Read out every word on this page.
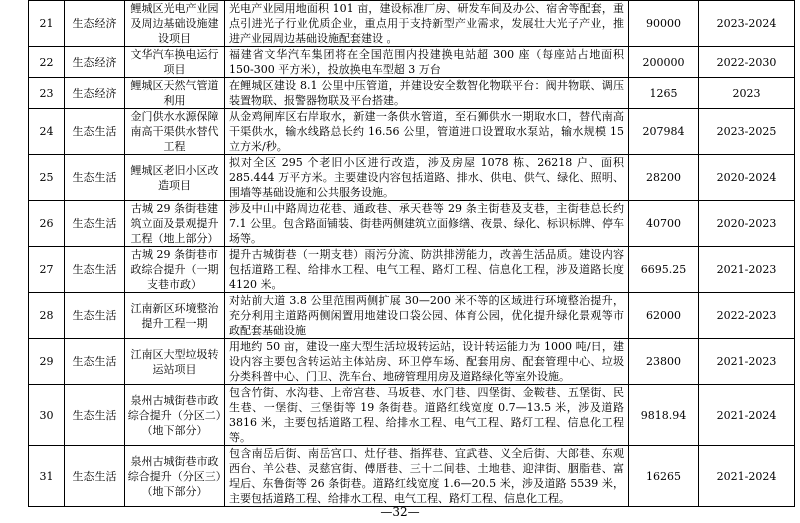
21	生态经济	鲤城区光电产业园及周边基础设施建设项目	光电产业园用地面积 101 亩，建设标准厂房、研发车间及办公、宿舍等配套，重点引进光子行业优质企业，重点用于支持新型产业需求，发展壮大光子产业，推进产业园周边基础设施配套建设 。	90000	2023-2024
22	生态经济	文华汽车换电运行项目	福建省文华汽车集团将在全国范围内投建换电站超 300 座（每座站占地面积 150-300 平方米），投放换电车型超 3 万台	200000	2022-2030
23	生态经济	鲤城区天然气管道利用	在鲤城区建设 8.1 公里中压管道，并建设安全数智化物联平台：阀井物联、调压装置物联、报警器物联及平台搭建。	1265	2023
24	生态生活	金门供水水源保障南高干渠供水替代工程	从金鸡闸库区右岸取水，新建一条供水管道，至石狮供水一期取水口，替代南高干渠供水，输水线路总长约 16.56 公里，管道进口设置取水泵站，输水规模 15 立方米/秒。	207984	2023-2025
25	生态生活	鲤城区老旧小区改造项目	拟对全区 295 个老旧小区进行改造，涉及房屋 1078 栋、26218 户、面积 285.444 万平方米。主要建设内容包括道路、排水、供电、供气、绿化、照明、围墙等基础设施和公共服务设施。	28200	2020-2024
26	生态生活	古城 29 条街巷建筑立面及景观提升工程（地上部分）	涉及中山中路周边花巷、通政巷、承天巷等 29 条主街巷及支巷，主街巷总长约 7.1 公里。包含路面铺装、街巷两侧建筑立面修缮、夜景、绿化、标识标牌、停车场等。	40700	2020-2023
27	生态生活	古城 29 条街巷市政综合提升（一期支巷市政）	提升古城街巷（一期支巷）雨污分流、防洪排涝能力，改善生活品质。建设内容包括道路工程、给排水工程、电气工程、路灯工程、信息化工程，涉及道路长度 4120 米。	6695.25	2021-2023
28	生态生活	江南新区环境整治提升工程一期	对站前大道 3.8 公里范围两侧扩展 30—200 米不等的区域进行环境整治提升，充分利用主道路两侧闲置用地建设口袋公园、体育公园，优化提升绿化景观等市政配套基础设施	62000	2022-2023
29	生态生活	江南区大型垃圾转运站项目	用地约 50 亩，建设一座大型生活垃圾转运站，设计转运能力为 1000 吨/日，建设内容主要包含转运站主体站房、环卫停车场、配套用房、配套管理中心、垃圾分类科普中心、门卫、洗车台、地磅管理用房及道路绿化等室外设施。	23800	2021-2023
30	生态生活	泉州古城街巷市政综合提升（分区二）（地下部分）	包含竹街、水沟巷、上帝宫巷、马坂巷、水门巷、四堡街、金鞍巷、五堡街、民生巷、一堡街、三堡街等 19 条街巷。道路红线宽度 0.7—13.5 米，涉及道路 3816 米，主要包括道路工程、给排水工程、电气工程、路灯工程、信息化工程等。	9818.94	2021-2024
31	生态生活	泉州古城街巷市政综合提升（分区三）（地下部分）	包含南岳后街、南岳宫口、灶仔巷、指挥巷、宜武巷、义全后街、大郎巷、东观西台、羊公巷、灵慈宫街、傅厝巷、三十二间巷、土地巷、迎津街、胭脂巷、富埕后、东鲁街等 26 条街巷。道路红线宽度 1.6—20.5 米，涉及道路 5539 米，主要包括道路工程、给排水工程、电气工程、路灯工程、信息化工程。	16265	2021-2024
—32—
